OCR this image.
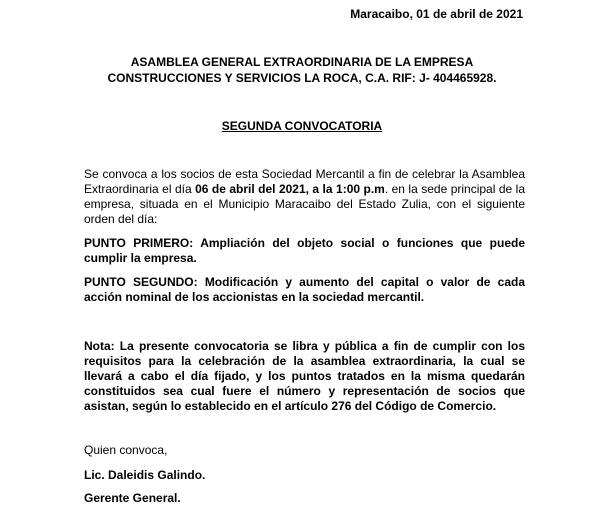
Maracaibo, 01 de abril de 2021
ASAMBLEA GENERAL EXTRAORDINARIA DE LA EMPRESA
CONSTRUCCIONES Y SERVICIOS LA ROCA, C.A. RIF: J- 404465928.
SEGUNDA CONVOCATORIA
Se convoca a los socios de esta Sociedad Mercantil a fin de celebrar la Asamblea Extraordinaria el día 06 de abril del 2021, a la 1:00 p.m. en la sede principal de la empresa, situada en el Municipio Maracaibo del Estado Zulia, con el siguiente orden del día:
PUNTO PRIMERO: Ampliación del objeto social o funciones que puede cumplir la empresa.
PUNTO SEGUNDO: Modificación y aumento del capital o valor de cada acción nominal de los accionistas en la sociedad mercantil.
Nota: La presente convocatoria se libra y pública a fin de cumplir con los requisitos para la celebración de la asamblea extraordinaria, la cual se llevará a cabo el día fijado, y los puntos tratados en la misma quedarán constituidos sea cual fuere el número y representación de socios que asistan, según lo establecido en el artículo 276 del Código de Comercio.
Quien convoca,
Lic. Daleidis Galindo.
Gerente General.
